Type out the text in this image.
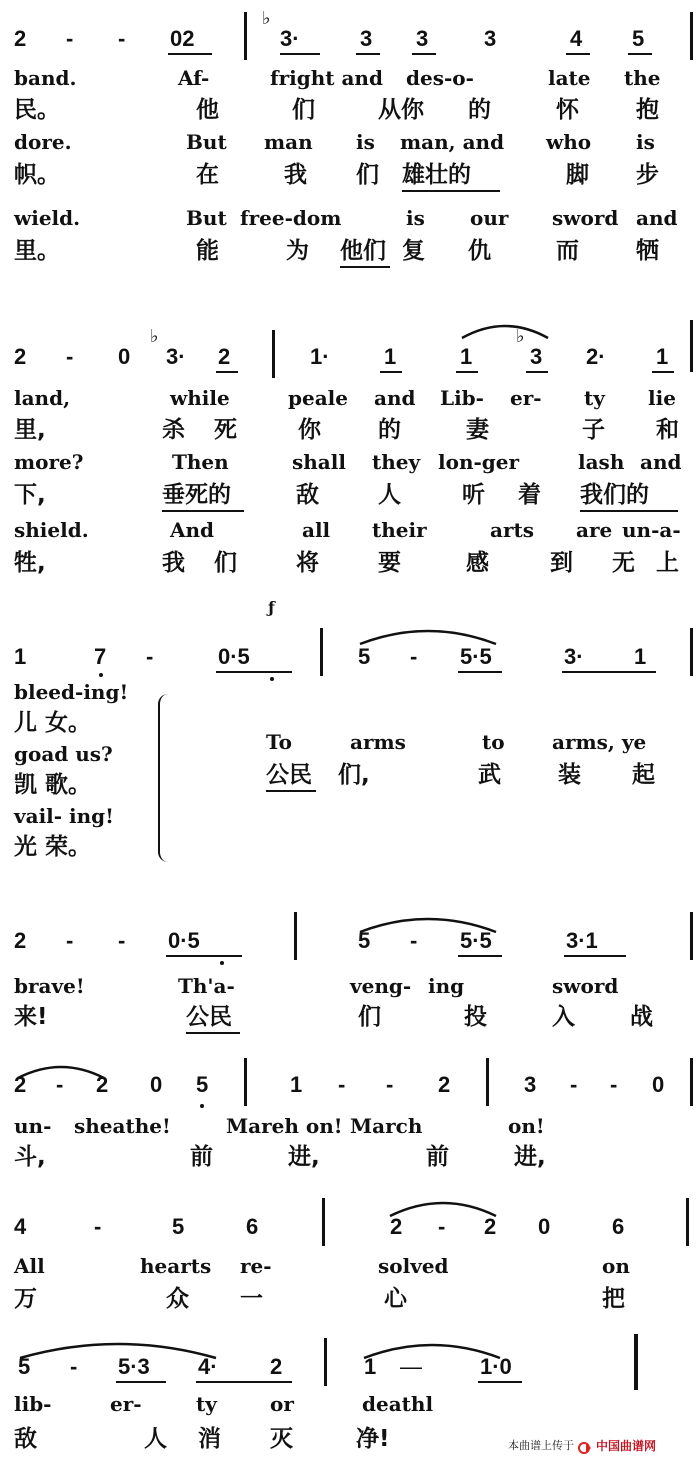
2 - - 02
♭
3·	3 3	3	4 5
band.	Af-	fright and des-o-	late the
民。	他	们	从你 的	怀 抱
dore.	But man is man, and who is
帜。	在	我 们 雄壮的	脚 步
wield.	But free-dom	is our sword and
里。	能	为 他们 复 仇	而 牺
2 - 0
♭
3· 2	1· 1	1
♭
3 2· 1
land,	while	peale and Lib- er- ty lie
里,	杀 死	你 的	妻	子 和
more?	Then	shall they lon-ger	lash and
下,	垂死的	敌	人	听 着 我们的
shield.	And	all their	arts are un-a-
牲,	我 们	将	要	感	到 无 上
ƒ
1	7 -	0·5	5 - 5·5	3· 1
bleed-ing!
儿 女。
goad us?
凯 歌。
vail- ing!
光 荣。
To	arms	to arms, ye
公民 们,	武 装 起
2 - - 0·5	5 - 5·5	3·1
brave!	Th'a-	veng- ing	sword
来!	公民	们	投	入 战
2 - 2 0 5	1 - - 2	3 - - 0
un- sheathe!	Mareh on! March	on!
斗,	前	进,	前	进,
4	-	5	6	2 - 2 0	6
All	hearts re-	solved	on
万	众 一	心	把
5 - 5·3 4· 2	1 —	1·0
lib-	er-	ty	or	deathl
敌	人 消 灭	净!	本曲谱上传于 中国曲谱网
